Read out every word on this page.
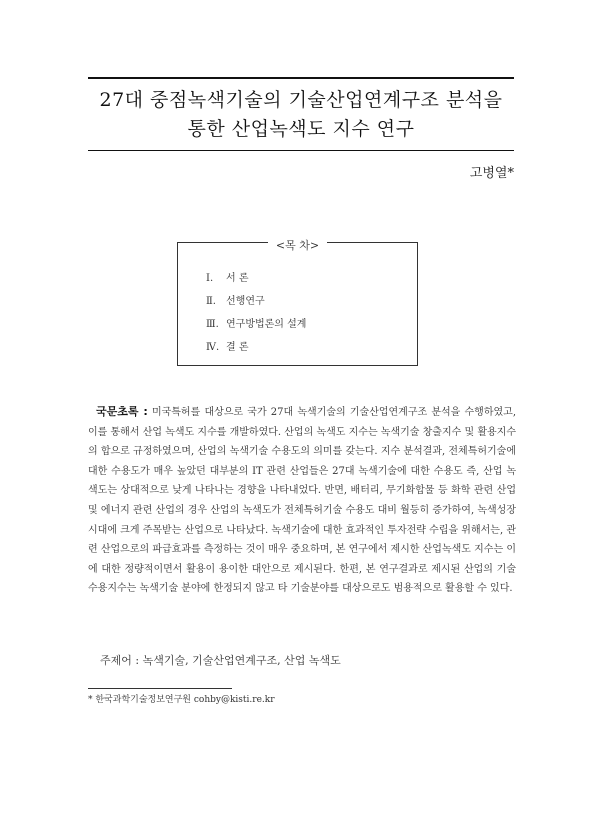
27대 중점녹색기술의 기술산업연계구조 분석을
통한 산업녹색도 지수 연구
고병열*
<목 차>
Ⅰ. 서 론
Ⅱ. 선행연구
Ⅲ. 연구방법론의 설계
Ⅳ. 결 론
국문초록 : 미국특허를 대상으로 국가 27대 녹색기술의 기술산업연계구조 분석을 수행하였고, 이를 통해서 산업 녹색도 지수를 개발하였다. 산업의 녹색도 지수는 녹색기술 창출지수 및 활용지수의 합으로 규정하였으며, 산업의 녹색기술 수용도의 의미를 갖는다. 지수 분석결과, 전체특허기술에 대한 수용도가 매우 높았던 대부분의 IT 관련 산업들은 27대 녹색기술에 대한 수용도 즉, 산업 녹색도는 상대적으로 낮게 나타나는 경향을 나타내었다. 반면, 배터리, 무기화합물 등 화학 관련 산업 및 에너지 관련 산업의 경우 산업의 녹색도가 전체특허기술 수용도 대비 월등히 증가하여, 녹색성장시대에 크게 주목받는 산업으로 나타났다. 녹색기술에 대한 효과적인 투자전략 수립을 위해서는, 관련 산업으로의 파급효과를 측정하는 것이 매우 중요하며, 본 연구에서 제시한 산업녹색도 지수는 이에 대한 정량적이면서 활용이 용이한 대안으로 제시된다. 한편, 본 연구결과로 제시된 산업의 기술 수용지수는 녹색기술 분야에 한정되지 않고 타 기술분야를 대상으로도 범용적으로 활용할 수 있다.
주제어 : 녹색기술, 기술산업연계구조, 산업 녹색도
* 한국과학기술정보연구원 cohby@kisti.re.kr
